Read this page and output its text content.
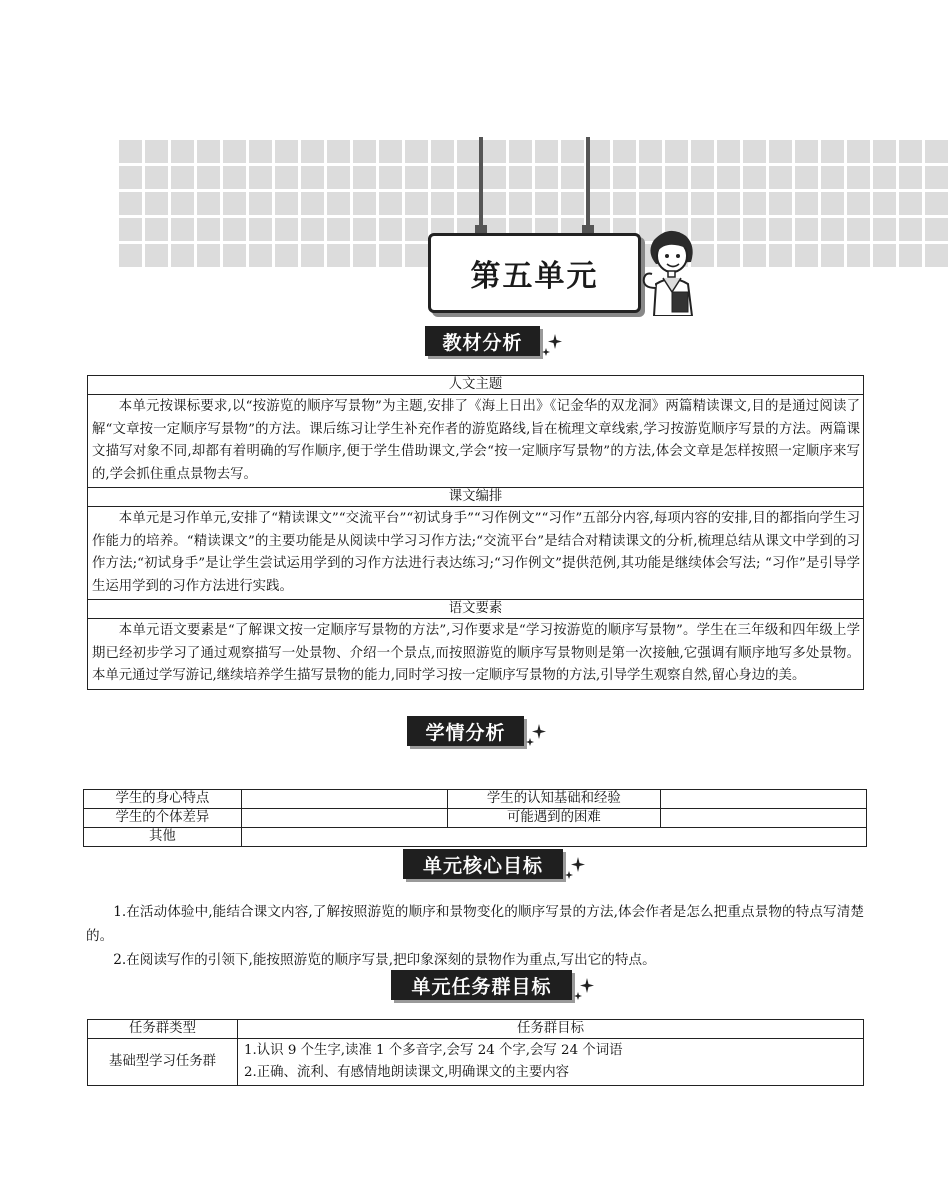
第五单元
教材分析
人文主题
本单元按课标要求,以“按游览的顺序写景物”为主题,安排了《海上日出》《记金华的双龙洞》两篇精读课文,目的是通过阅读了解“文章按一定顺序写景物”的方法。课后练习让学生补充作者的游览路线,旨在梳理文章线索,学习按游览顺序写景的方法。两篇课文描写对象不同,却都有着明确的写作顺序,便于学生借助课文,学会“按一定顺序写景物”的方法,体会文章是怎样按照一定顺序来写的,学会抓住重点景物去写。
课文编排
本单元是习作单元,安排了“精读课文”“交流平台”“初试身手”“习作例文”“习作”五部分内容,每项内容的安排,目的都指向学生习作能力的培养。“精读课文”的主要功能是从阅读中学习习作方法;“交流平台”是结合对精读课文的分析,梳理总结从课文中学到的习作方法;“初试身手”是让学生尝试运用学到的习作方法进行表达练习;“习作例文”提供范例,其功能是继续体会写法; “习作”是引导学生运用学到的习作方法进行实践。
语文要素
本单元语文要素是“了解课文按一定顺序写景物的方法”,习作要求是“学习按游览的顺序写景物”。学生在三年级和四年级上学期已经初步学习了通过观察描写一处景物、介绍一个景点,而按照游览的顺序写景物则是第一次接触,它强调有顺序地写多处景物。本单元通过学写游记,继续培养学生描写景物的能力,同时学习按一定顺序写景物的方法,引导学生观察自然,留心身边的美。
学情分析
学生的身心特点		学生的认知基础和经验	
学生的个体差异		可能遇到的困难	
其他			
单元核心目标

1.在活动体验中,能结合课文内容,了解按照游览的顺序和景物变化的顺序写景的方法,体会作者是怎么把重点景物的特点写清楚的。

2.在阅读写作的引领下,能按照游览的顺序写景,把印象深刻的景物作为重点,写出它的特点。

单元任务群目标
任务群类型	任务群目标
基础型学习任务群	1.认识 9 个生字,读准 1 个多音字,会写 24 个字,会写 24 个词语
2.正确、流利、有感情地朗读课文,明确课文的主要内容
